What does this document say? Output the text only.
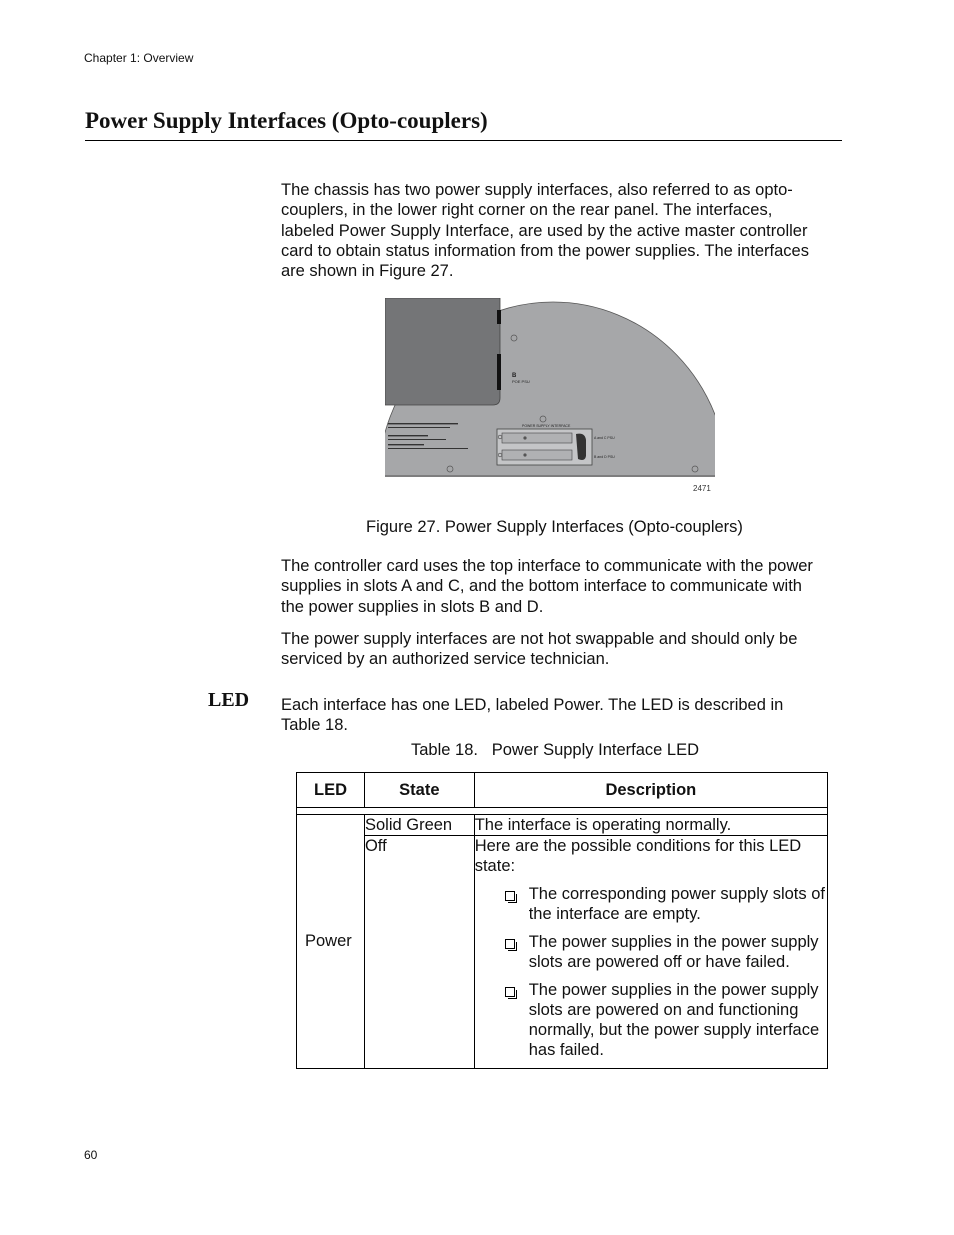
Chapter 1: Overview
Power Supply Interfaces (Opto-couplers)
The chassis has two power supply interfaces, also referred to as opto-
couplers, in the lower right corner on the rear panel. The interfaces,
labeled Power Supply Interface, are used by the active master controller
card to obtain status information from the power supplies. The interfaces
are shown in Figure 27.
B
POE PSU
POWER SUPPLY INTERFACE
A and C PSU
B and D PSU
2471
Figure 27. Power Supply Interfaces (Opto-couplers)
The controller card uses the top interface to communicate with the power
supplies in slots A and C, and the bottom interface to communicate with
the power supplies in slots B and D.
The power supply interfaces are not hot swappable and should only be
serviced by an authorized service technician.
LED Each interface has one LED, labeled Power. The LED is described in
Table 18.
Table 18.   Power Supply Interface LED
LED	State	Description

Power	Solid Green	The interface is operating normally.
	Off	Here are the possible conditions for this LED state:
The corresponding power supply slots of the interface are empty.
The power supplies in the power supply slots are powered off or have failed.
The power supplies in the power supply slots are powered on and functioning normally, but the power supply interface has failed.
60
